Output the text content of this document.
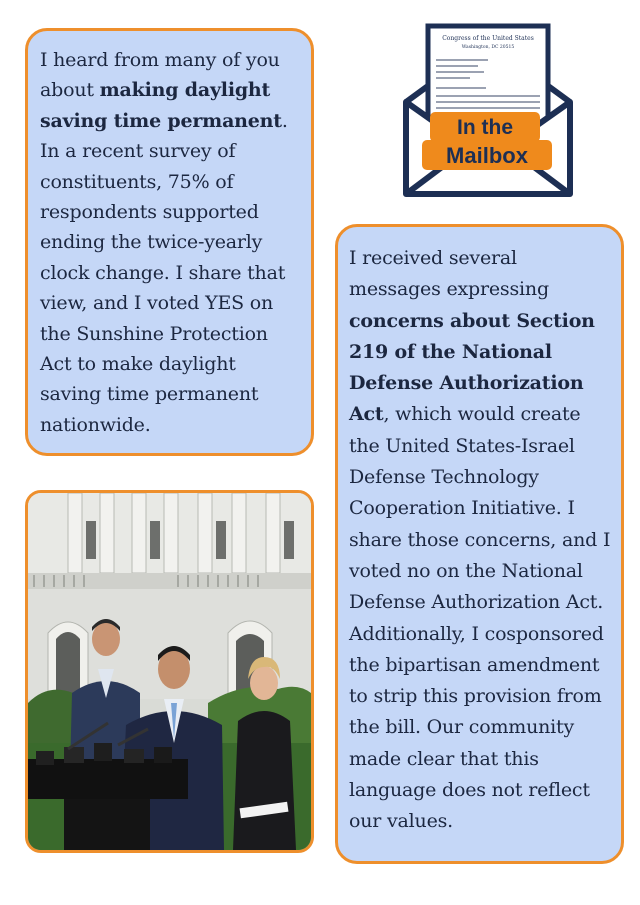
I heard from many of you about making daylight saving time permanent. In a recent survey of constituents, 75% of respondents supported ending the twice-yearly clock change. I share that view, and I voted YES on the Sunshine Protection Act to make daylight saving time permanent nationwide.
Congress of the United States
Washington, DC 20515
In the
Mailbox
I received several messages expressing concerns about Section 219 of the National Defense Authorization Act, which would create the United States-Israel Defense Technology Cooperation Initiative. I share those concerns, and I voted no on the National Defense Authorization Act. Additionally, I cosponsored the bipartisan amendment to strip this provision from the bill. Our community made clear that this language does not reflect our values.
